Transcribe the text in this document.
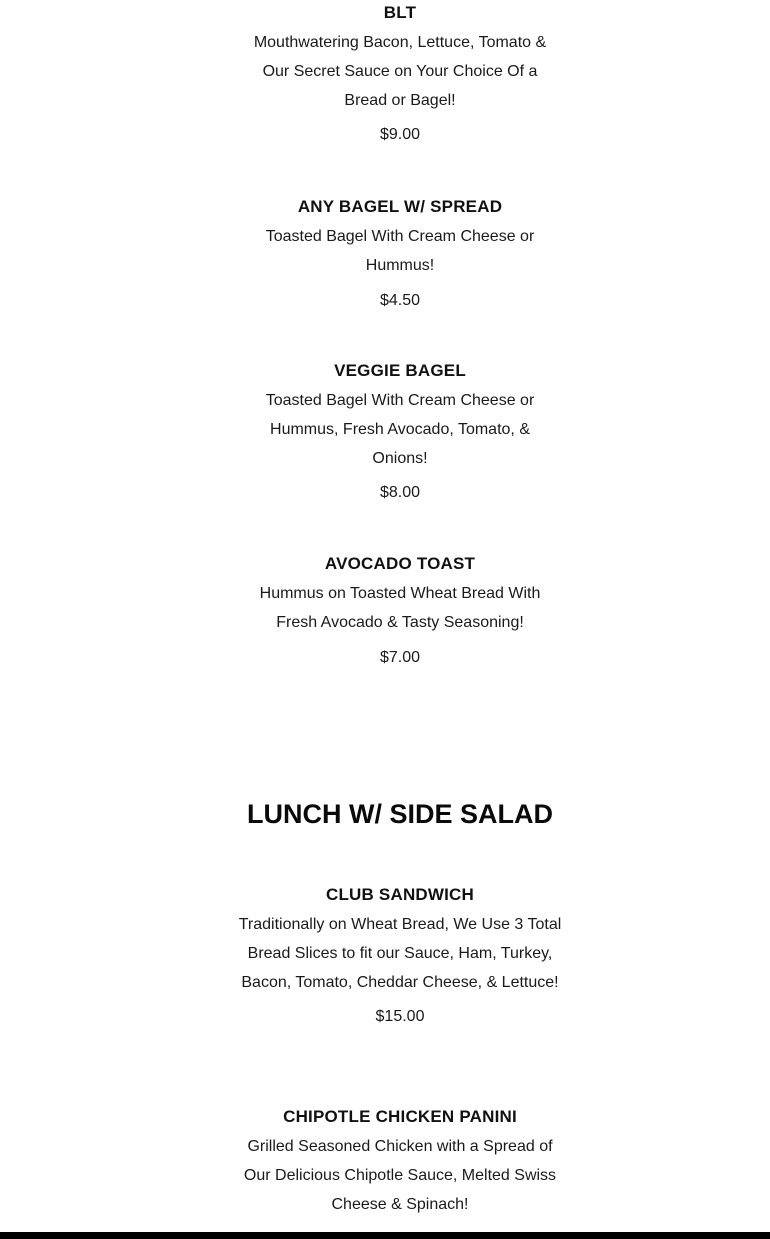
BLT

Mouthwatering Bacon, Lettuce, Tomato & Our Secret Sauce on Your Choice Of a Bread or Bagel!

$9.00
ANY BAGEL W/ SPREAD

Toasted Bagel With Cream Cheese or Hummus!

$4.50
VEGGIE BAGEL

Toasted Bagel With Cream Cheese or Hummus, Fresh Avocado, Tomato, & Onions!

$8.00
AVOCADO TOAST

Hummus on Toasted Wheat Bread With Fresh Avocado & Tasty Seasoning!

$7.00
LUNCH W/ SIDE SALAD
CLUB SANDWICH

Traditionally on Wheat Bread, We Use 3 Total Bread Slices to fit our Sauce, Ham, Turkey, Bacon, Tomato, Cheddar Cheese, & Lettuce!

$15.00
CHIPOTLE CHICKEN PANINI

Grilled Seasoned Chicken with a Spread of Our Delicious Chipotle Sauce, Melted Swiss Cheese & Spinach!
